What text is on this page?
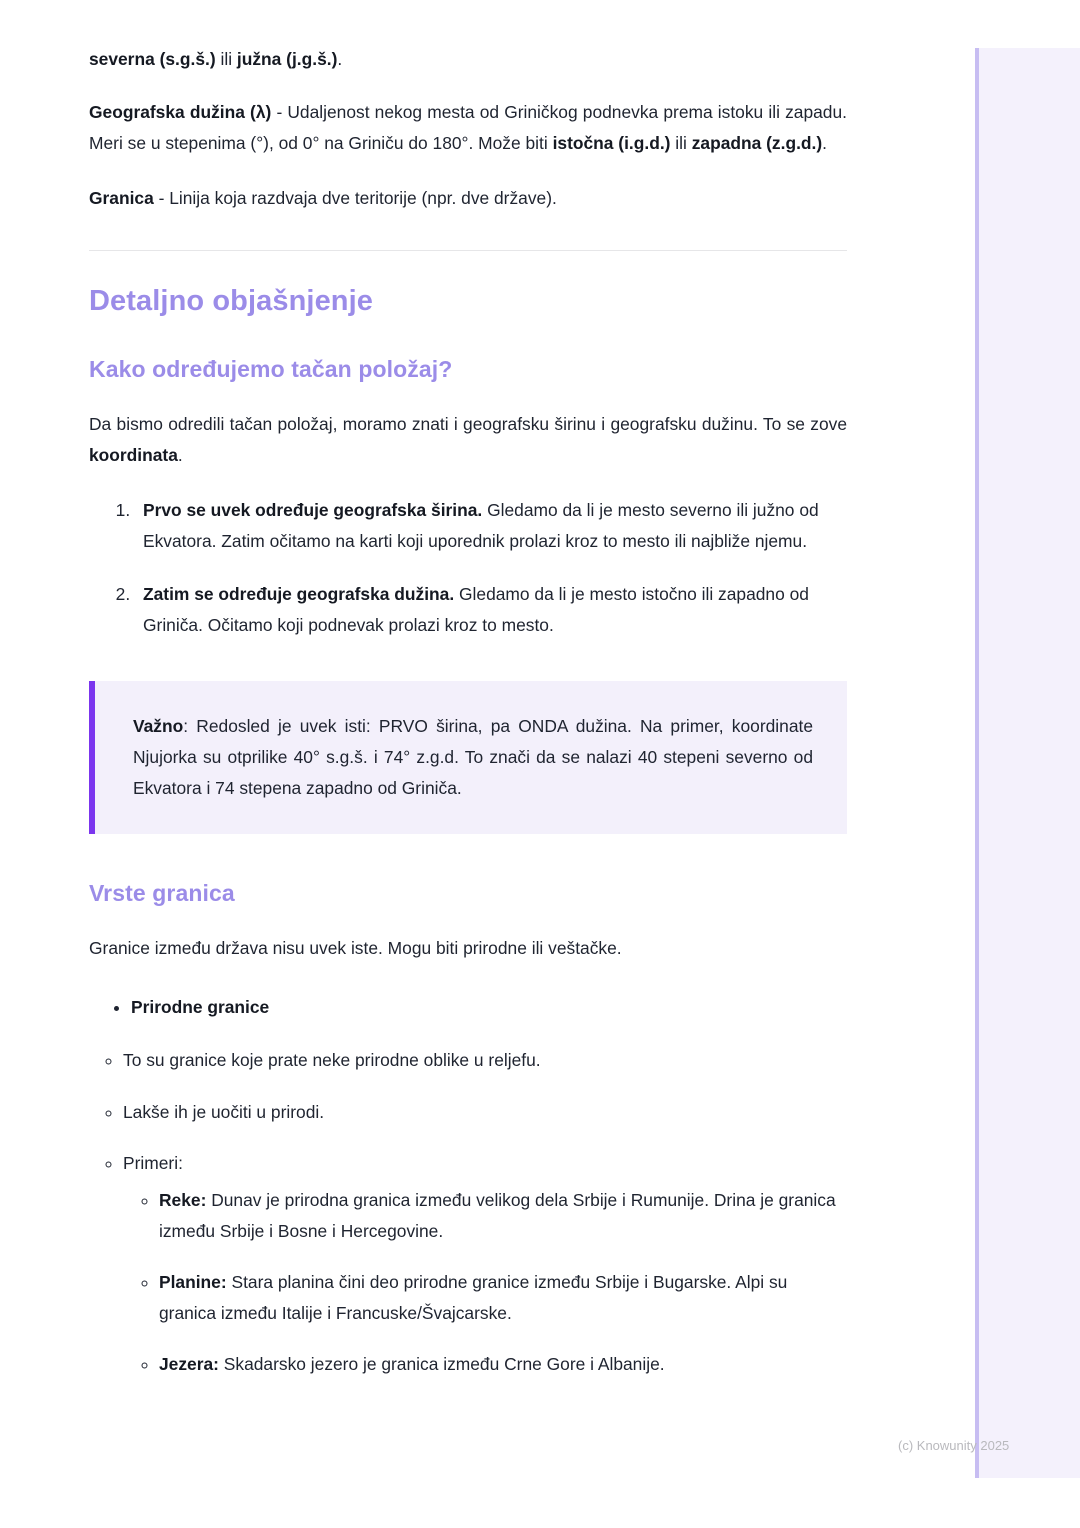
severna (s.g.š.) ili južna (j.g.š.).

Geografska dužina (λ) - Udaljenost nekog mesta od Griničkog podnevka prema istoku ili zapadu. Meri se u stepenima (°), od 0° na Griniču do 180°. Može biti istočna (i.g.d.) ili zapadna (z.g.d.).

Granica - Linija koja razdvaja dve teritorije (npr. dve države).

Detaljno objašnjenje
Kako određujemo tačan položaj?

Da bismo odredili tačan položaj, moramo znati i geografsku širinu i geografsku dužinu. To se zove koordinata.

1. Prvo se uvek određuje geografska širina. Gledamo da li je mesto severno ili južno od Ekvatora. Zatim očitamo na karti koji uporednik prolazi kroz to mesto ili najbliže njemu.
2. Zatim se određuje geografska dužina. Gledamo da li je mesto istočno ili zapadno od Griniča. Očitamo koji podnevak prolazi kroz to mesto.

Važno: Redosled je uvek isti: PRVO širina, pa ONDA dužina. Na primer, koordinate Njujorka su otprilike 40° s.g.š. i 74° z.g.d. To znači da se nalazi 40 stepeni severno od Ekvatora i 74 stepena zapadno od Griniča.

Vrste granica

Granice između država nisu uvek iste. Mogu biti prirodne ili veštačke.

• Prirodne granice
◦ To su granice koje prate neke prirodne oblike u reljefu.
◦ Lakše ih je uočiti u prirodi.
◦ Primeri:
◦ Reke: Dunav je prirodna granica između velikog dela Srbije i Rumunije. Drina je granica između Srbije i Bosne i Hercegovine.
◦ Planine: Stara planina čini deo prirodne granice između Srbije i Bugarske. Alpi su granica između Italije i Francuske/Švajcarske.
◦ Jezera: Skadarsko jezero je granica između Crne Gore i Albanije.
(c) Knowunity 2025
